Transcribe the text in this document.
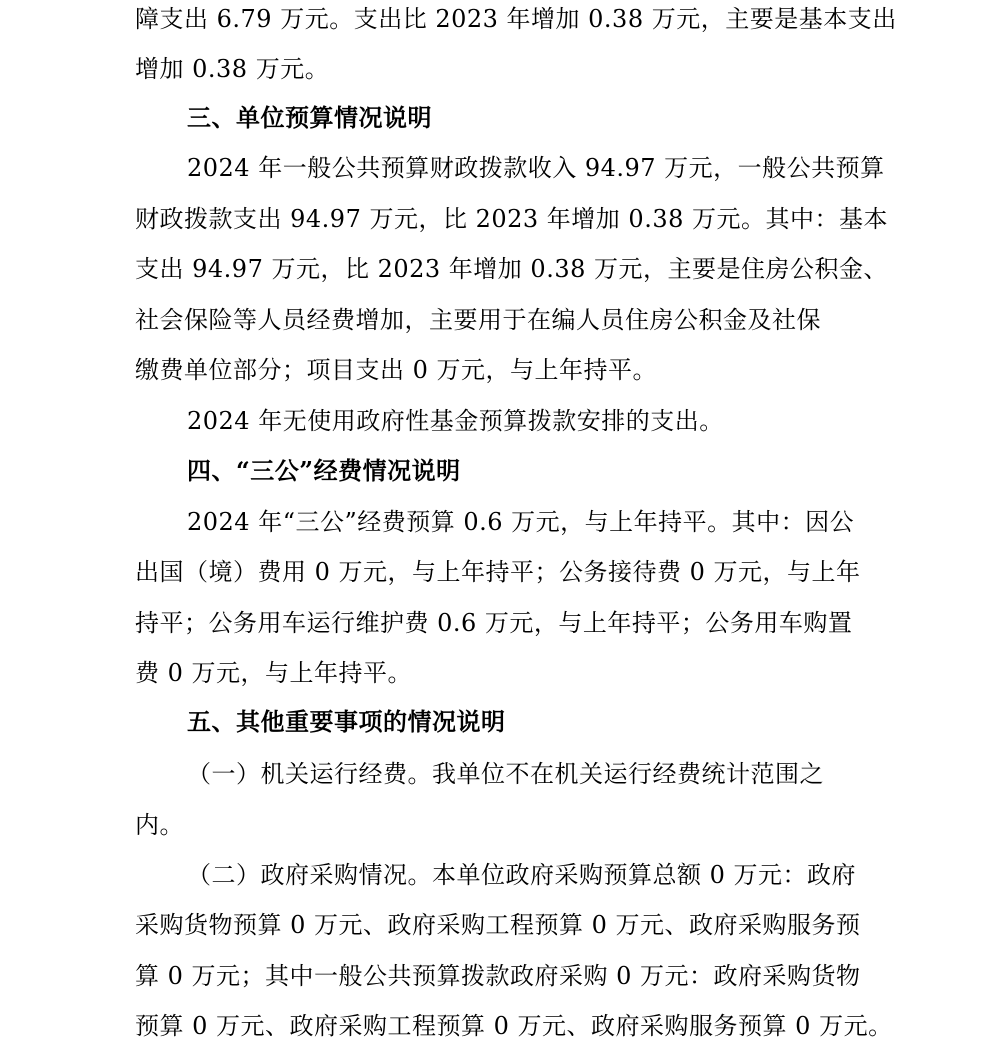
障支出 6.79 万元。支出比 2023 年增加 0.38 万元，主要是基本支出
增加 0.38 万元。
三、单位预算情况说明
2024 年一般公共预算财政拨款收入 94.97 万元，一般公共预算
财政拨款支出 94.97 万元，比 2023 年增加 0.38 万元。其中：基本
支出 94.97 万元，比 2023 年增加 0.38 万元，主要是住房公积金、
社会保险等人员经费增加，主要用于在编人员住房公积金及社保
缴费单位部分；项目支出 0 万元，与上年持平。
2024 年无使用政府性基金预算拨款安排的支出。
四、“三公”经费情况说明
2024 年“三公”经费预算 0.6 万元，与上年持平。其中：因公
出国（境）费用 0 万元，与上年持平；公务接待费 0 万元，与上年
持平；公务用车运行维护费 0.6 万元，与上年持平；公务用车购置
费 0 万元，与上年持平。
五、其他重要事项的情况说明
（一）机关运行经费。我单位不在机关运行经费统计范围之
内。
（二）政府采购情况。本单位政府采购预算总额 0 万元：政府
采购货物预算 0 万元、政府采购工程预算 0 万元、政府采购服务预
算 0 万元；其中一般公共预算拨款政府采购 0 万元：政府采购货物
预算 0 万元、政府采购工程预算 0 万元、政府采购服务预算 0 万元。
